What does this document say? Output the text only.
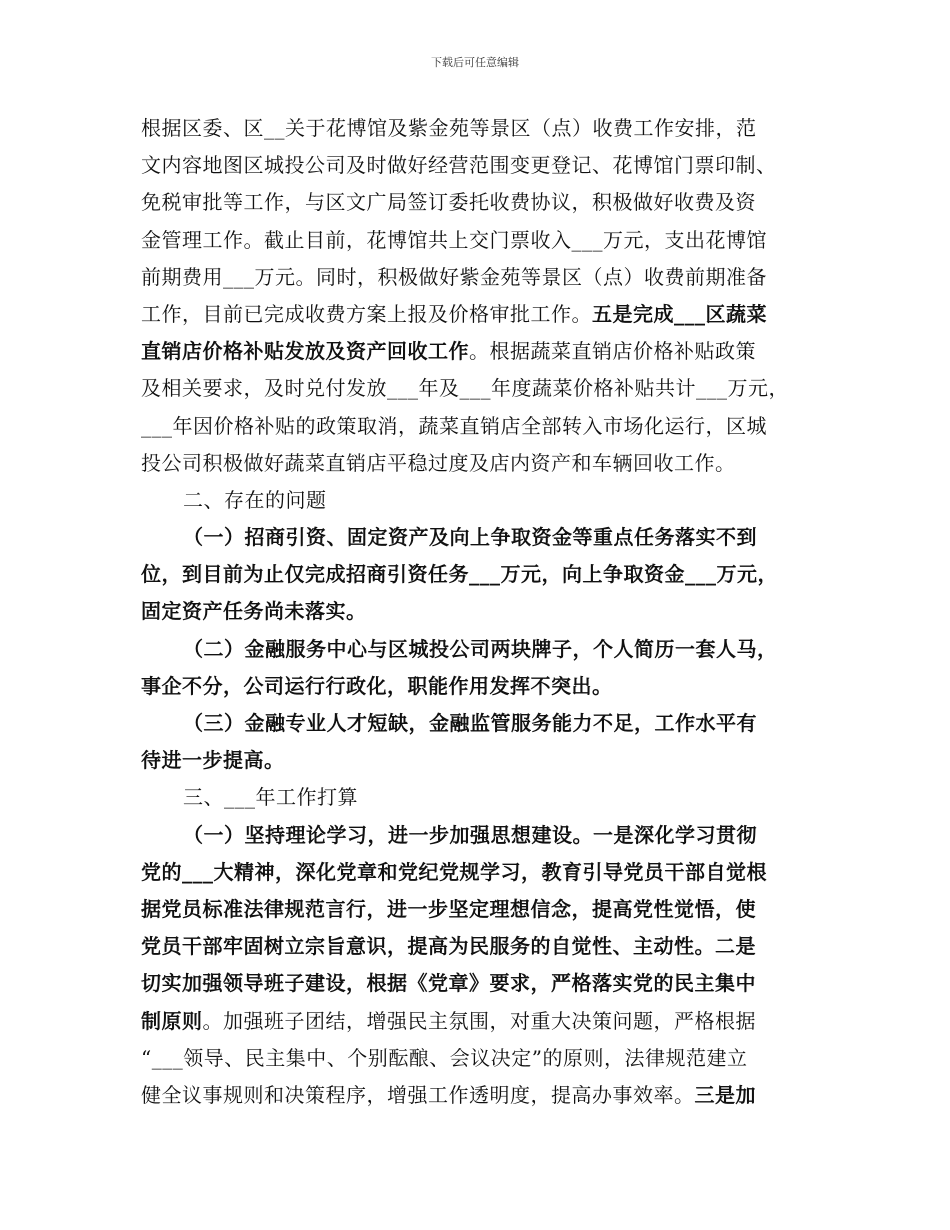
下载后可任意编辑
根据区委、区__关于花博馆及紫金苑等景区（点）收费工作安排，范
文内容地图区城投公司及时做好经营范围变更登记、花博馆门票印制、
免税审批等工作，与区文广局签订委托收费协议，积极做好收费及资
金管理工作。截止目前，花博馆共上交门票收入___万元，支出花博馆
前期费用___万元。同时，积极做好紫金苑等景区（点）收费前期准备
工作，目前已完成收费方案上报及价格审批工作。五是完成___区蔬菜
直销店价格补贴发放及资产回收工作。根据蔬菜直销店价格补贴政策
及相关要求，及时兑付发放___年及___年度蔬菜价格补贴共计___万元，
___年因价格补贴的政策取消，蔬菜直销店全部转入市场化运行，区城
投公司积极做好蔬菜直销店平稳过度及店内资产和车辆回收工作。
二、存在的问题
（一）招商引资、固定资产及向上争取资金等重点任务落实不到
位，到目前为止仅完成招商引资任务___万元，向上争取资金___万元，
固定资产任务尚未落实。
（二）金融服务中心与区城投公司两块牌子，个人简历一套人马，
事企不分，公司运行行政化，职能作用发挥不突出。
（三）金融专业人才短缺，金融监管服务能力不足，工作水平有
待进一步提高。
三、___年工作打算
（一）坚持理论学习，进一步加强思想建设。一是深化学习贯彻
党的___大精神，深化党章和党纪党规学习，教育引导党员干部自觉根
据党员标准法律规范言行，进一步坚定理想信念，提高党性觉悟，使
党员干部牢固树立宗旨意识，提高为民服务的自觉性、主动性。二是
切实加强领导班子建设，根据《党章》要求，严格落实党的民主集中
制原则。加强班子团结，增强民主氛围，对重大决策问题，严格根据
“___领导、民主集中、个别酝酿、会议决定”的原则，法律规范建立
健全议事规则和决策程序，增强工作透明度，提高办事效率。三是加
